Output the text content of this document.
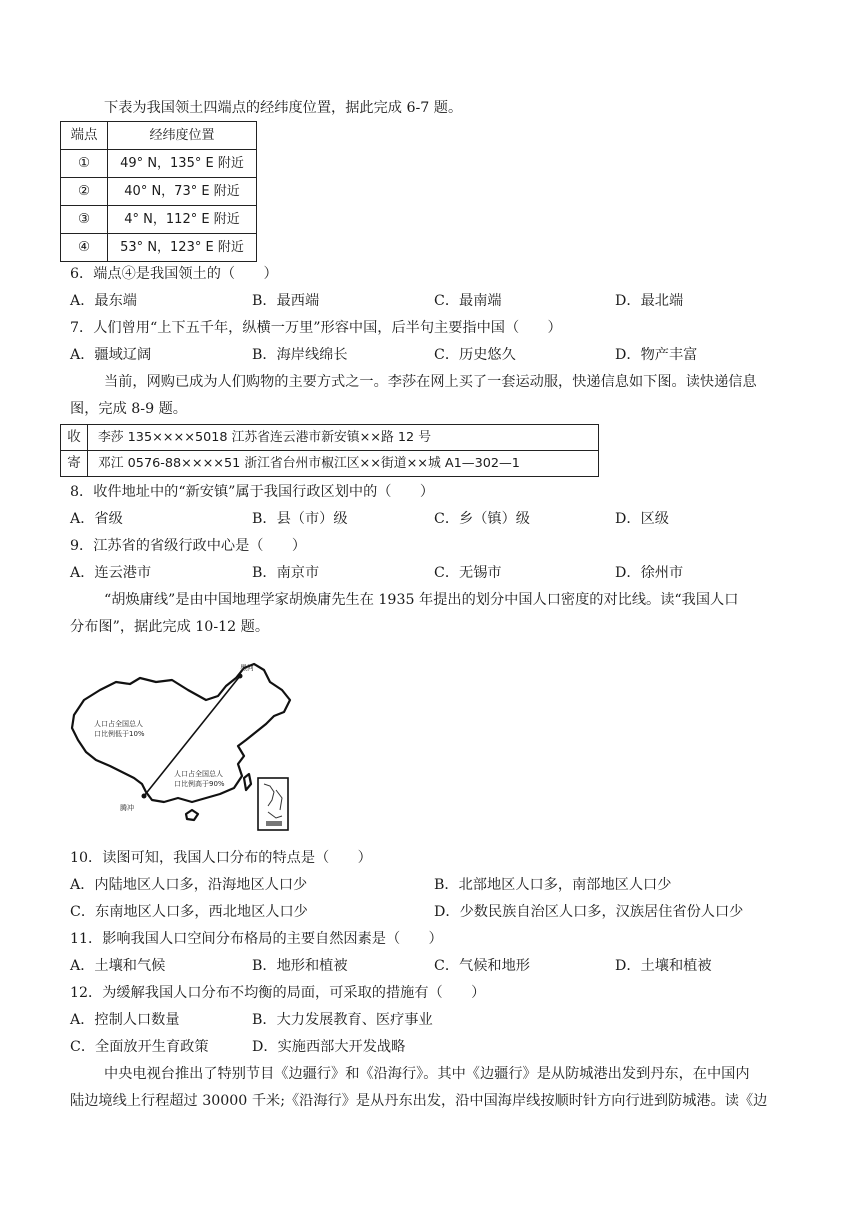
下表为我国领土四端点的经纬度位置，据此完成 6-7 题。
端点	经纬度位置
①	49° N，135° E 附近
②	40° N，73° E 附近
③	4° N，112° E 附近
④	53° N，123° E 附近
6．端点④是我国领土的（　　）
A．最东端	B．最西端	C．最南端	D．最北端
7．人们曾用“上下五千年，纵横一万里”形容中国，后半句主要指中国（　　）
A．疆域辽阔	B．海岸线绵长	C．历史悠久	D．物产丰富
当前，网购已成为人们购物的主要方式之一。李莎在网上买了一套运动服，快递信息如下图。读快递信息
图，完成 8-9 题。
收	李莎 135××××5018 江苏省连云港市新安镇××路 12 号
寄	邓江 0576-88××××51 浙江省台州市椒江区××街道××城 A1—302—1
8．收件地址中的“新安镇”属于我国行政区划中的（　　）
A．省级	B．县（市）级	C．乡（镇）级	D．区级
9．江苏省的省级行政中心是（　　）
A．连云港市	B．南京市	C．无锡市	D．徐州市
“胡焕庸线”是由中国地理学家胡焕庸先生在 1935 年提出的划分中国人口密度的对比线。读“我国人口
分布图”，据此完成 10-12 题。
黑河
腾冲
人口占全国总人
口比例低于10%
人口占全国总人
口比例高于90%
10．读图可知，我国人口分布的特点是（　　）
A．内陆地区人口多，沿海地区人口少	B．北部地区人口多，南部地区人口少
C．东南地区人口多，西北地区人口少	D．少数民族自治区人口多，汉族居住省份人口少
11．影响我国人口空间分布格局的主要自然因素是（　　）
A．土壤和气候	B．地形和植被	C．气候和地形	D．土壤和植被
12．为缓解我国人口分布不均衡的局面，可采取的措施有（　　）
A．控制人口数量	B．大力发展教育、医疗事业
C．全面放开生育政策	D．实施西部大开发战略
中央电视台推出了特别节目《边疆行》和《沿海行》。其中《边疆行》是从防城港出发到丹东，在中国内
陆边境线上行程超过 30000 千米;《沿海行》是从丹东出发，沿中国海岸线按顺时针方向行进到防城港。读《边
